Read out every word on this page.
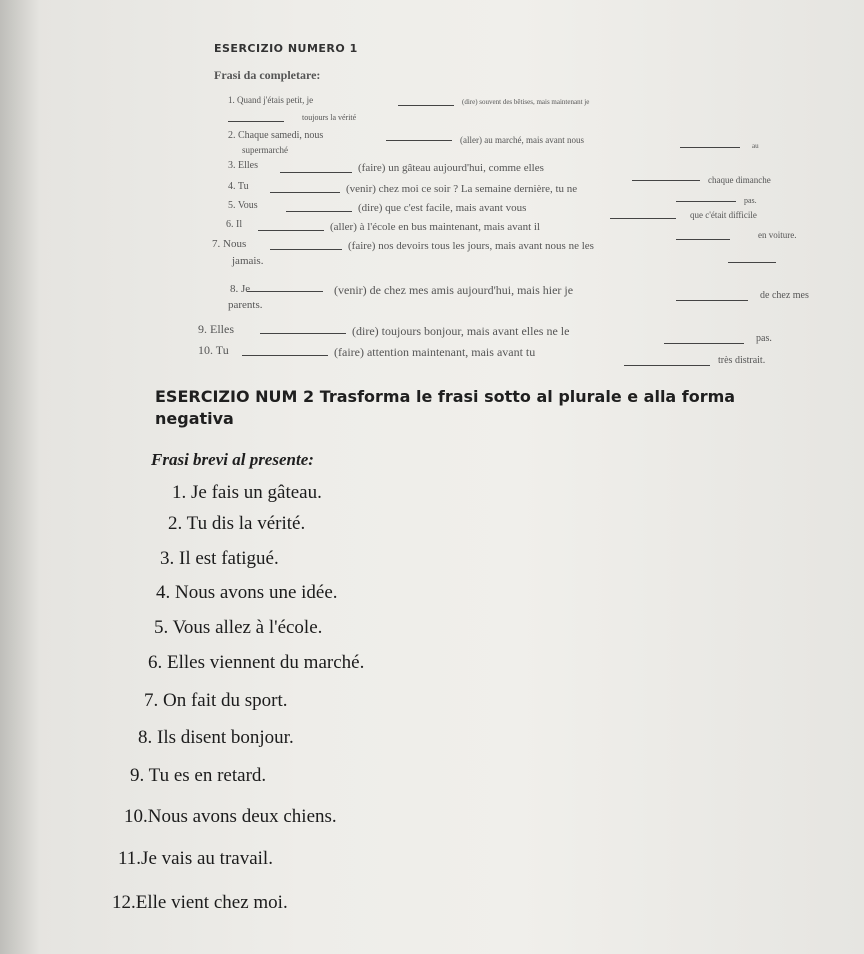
ESERCIZIO NUMERO 1
Frasi da completare:
1. Quand j'étais petit, je	(dire) souvent des bêtises, mais maintenant je
toujours la vérité
2. Chaque samedi, nous	(aller) au marché, mais avant nous
au
supermarché
3. Elles	(faire) un gâteau aujourd'hui, comme elles
chaque dimanche
4. Tu	(venir) chez moi ce soir ? La semaine dernière, tu ne
pas.
5. Vous	(dire) que c'est facile, mais avant vous
que c'était difficile
6. Il	(aller) à l'école en bus maintenant, mais avant il
en voiture.
7. Nous	(faire) nos devoirs tous les jours, mais avant nous ne les
jamais.
8. Je	(venir) de chez mes amis aujourd'hui, mais hier je	de chez mes
parents.
9. Elles	(dire) toujours bonjour, mais avant elles ne le
pas.
10. Tu	(faire) attention maintenant, mais avant tu
très distrait.
ESERCIZIO NUM 2 Trasforma le frasi sotto al plurale e alla forma negativa
Frasi brevi al presente:
1. Je fais un gâteau.
2. Tu dis la vérité.
3. Il est fatigué.
4. Nous avons une idée.
5. Vous allez à l'école.
6. Elles viennent du marché.
7. On fait du sport.
8. Ils disent bonjour.
9. Tu es en retard.
10.Nous avons deux chiens.
11.Je vais au travail.
12.Elle vient chez moi.
